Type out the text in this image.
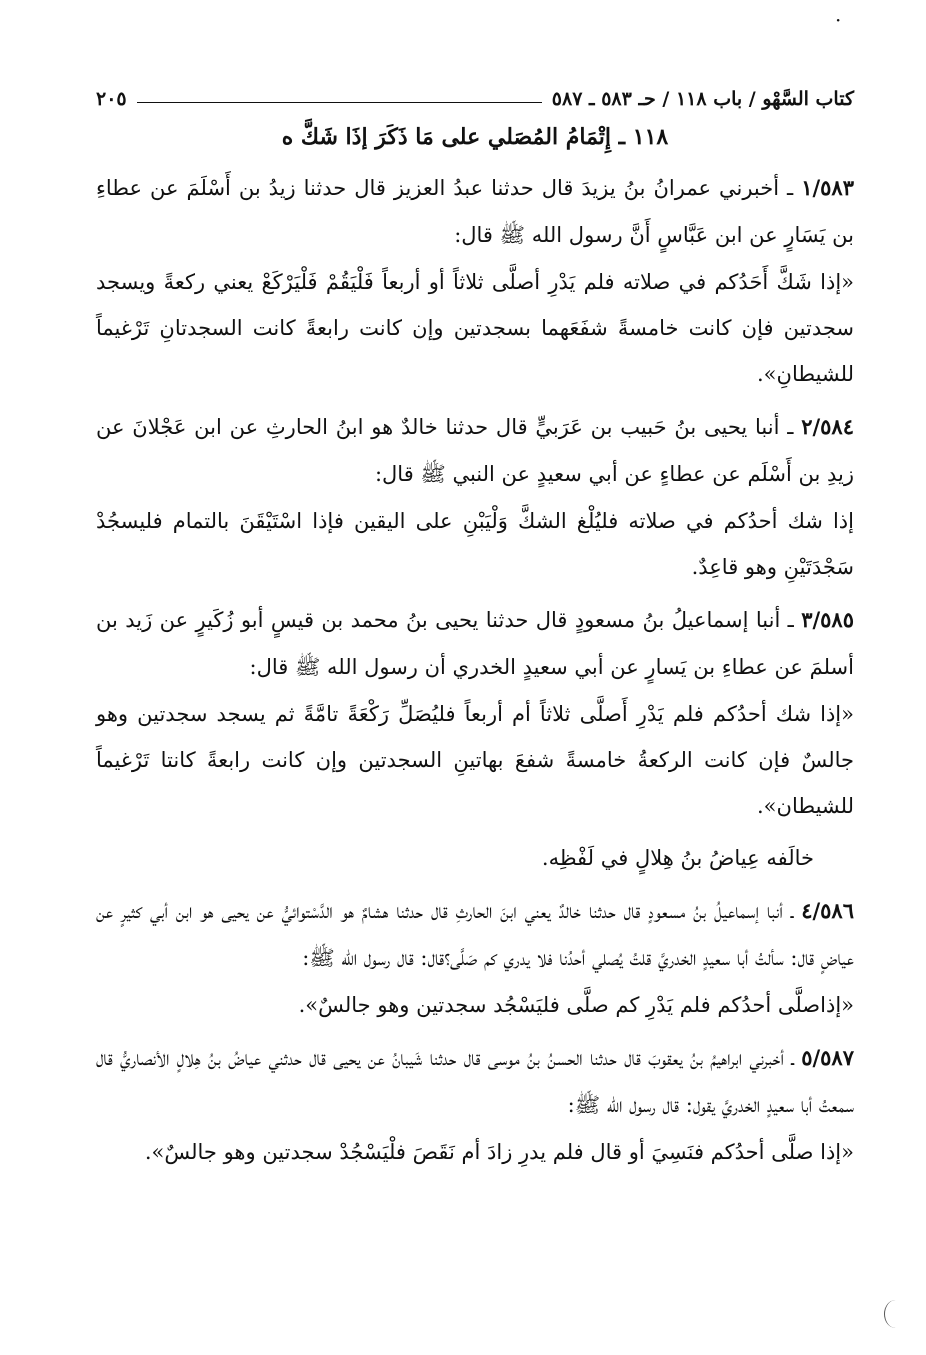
·
كتاب السَّهْو / باب ١١٨ / حـ ٥٨٣ ـ ٥٨٧
٢٠٥
١١٨ ـ إِتْمَامُ المُصَلي على مَا ذَكَرَ إذَا شَكَّ ه

١/٥٨٣ ـ أخبرني عمرانُ بنُ يزيدَ قال حدثنا عبدُ العزيز قال حدثنا زيدُ بن أَسْلَمَ عن عطاءِ بن يَسَارٍ عن ابن عَبَّاسٍ أَنَّ رسول الله ﷺ قال:

«إذا شَكَّ أَحَدُكم في صلاته فلم يَدْرِ أصلَّى ثلاثاً أو أربعاً فَلْيَقُمْ فَلْيَرْكَعْ يعني ركعةً ويسجد سجدتين فإن كانت خامسةً شفَعَهما بسجدتين وإن كانت رابعةً كانت السجدتانِ تَرْغيماً للشيطانِ».

٢/٥٨٤ ـ أنبا يحيى بنُ حَبيب بن عَرَبيٍّ قال حدثنا خالدٌ هو ابنُ الحارثِ عن ابن عَجْلانَ عن زيدِ بن أَسْلَم عن عطاءٍ عن أبي سعيدٍ عن النبي ﷺ قال:

إذا شك أحدُكم في صلاته فليُلْغ الشكَّ وَلْيَبْنِ على اليقين فإذا اسْتَيْقَنَ بالتمام فليسجُدْ سَجْدَتَيْنِ وهو قاعِدٌ.

٣/٥٨٥ ـ أنبا إسماعيلُ بنُ مسعودٍ قال حدثنا يحيى بنُ محمد بن قيسٍ أبو زُكَيرٍ عن زَيد بن أسلمَ عن عطاءِ بن يَسارٍ عن أبي سعيدٍ الخدري أن رسول الله ﷺ قال:

«إذا شك أحدُكم فلم يَدْرِ أَصلَّى ثلاثاً أم أربعاً فليُصَلِّ رَكْعَةً تامَّةً ثم يسجد سجدتين وهو جالسٌ فإن كانت الركعةُ خامسةً شفعَ بهاتينِ السجدتين وإن كانت رابعةً كانتا تَرْغيماً للشيطان».

خالَفه عِياضُ بنُ هِلالٍ في لَفْظِه.

٤/٥٨٦ ـ أنبا إسماعيلُ بنُ مسعودٍ قال حدثنا خالدٌ يعني ابنَ الحارثِ قال حدثنا هشامٌ هو الدَّسْتوائيُّ عن يحيى هو ابن أبي كثيرٍ عن عياضٍ قال: سألتُ أبا سعيدٍ الخدريَّ قلتُ يُصلي أحدُنا فلا يدري كم صَلَّى؟قال: قال رسول الله ﷺ:

«إذاصلَّى أحدُكم فلم يَدْرِ كم صلَّى فليَسْجُد سجدتين وهو جالسٌ».

٥/٥٨٧ ـ أخبرني ابراهيمُ بنُ يعقوبَ قال حدثنا الحسنُ بنُ موسى قال حدثنا شَيبانُ عن يحيى قال حدثني عياضُ بنُ هِلالٍ الأنصاريُّ قال سمعتُ أبا سعيدٍ الخدريَّ يقول: قال رسول الله ﷺ:

«إذا صلَّى أحدُكم فنَسِيَ أو قال فلم يدرِ زادَ أم نَقَصَ فلْيَسْجُدْ سجدتين وهو جالسٌ».
